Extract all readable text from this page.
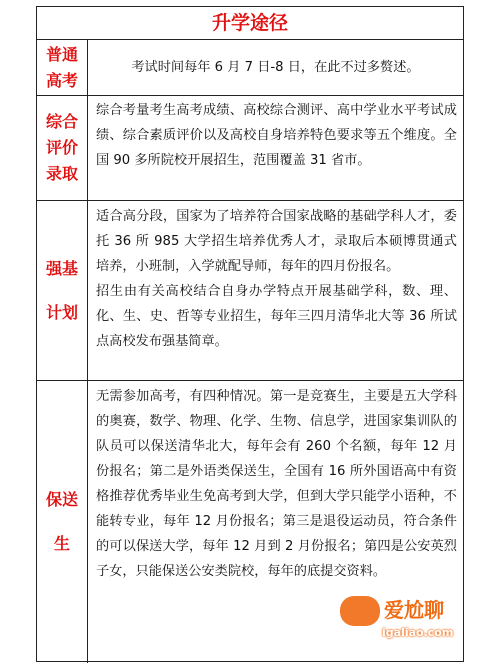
升学途径
普通高考

考试时间每年 6 月 7 日-8 日，在此不过多赘述。

综合评价录取

综合考量考生高考成绩、高校综合测评、高中学业水平考试成绩、综合素质评价以及高校自身培养特色要求等五个维度。全国 90 多所院校开展招生，范围覆盖 31 省市。

强基计划

适合高分段，国家为了培养符合国家战略的基础学科人才，委托 36 所 985 大学招生培养优秀人才，录取后本硕博贯通式培养，小班制，入学就配导师，每年的四月份报名。

招生由有关高校结合自身办学特点开展基础学科，数、理、化、生、史、哲等专业招生，每年三四月清华北大等 36 所试点高校发布强基简章。

保送生

无需参加高考，有四种情况。第一是竞赛生，主要是五大学科的奥赛，数学、物理、化学、生物、信息学，进国家集训队的队员可以保送清华北大，每年会有 260 个名额，每年 12 月份报名；第二是外语类保送生，全国有 16 所外国语高中有资格推荐优秀毕业生免高考到大学，但到大学只能学小语种，不能转专业，每年 12 月份报名；第三是退役运动员，符合条件的可以保送大学，每年 12 月到 2 月份报名；第四是公安英烈子女，只能保送公安类院校，每年的底提交资料。

爱尬聊
igaliao.com
